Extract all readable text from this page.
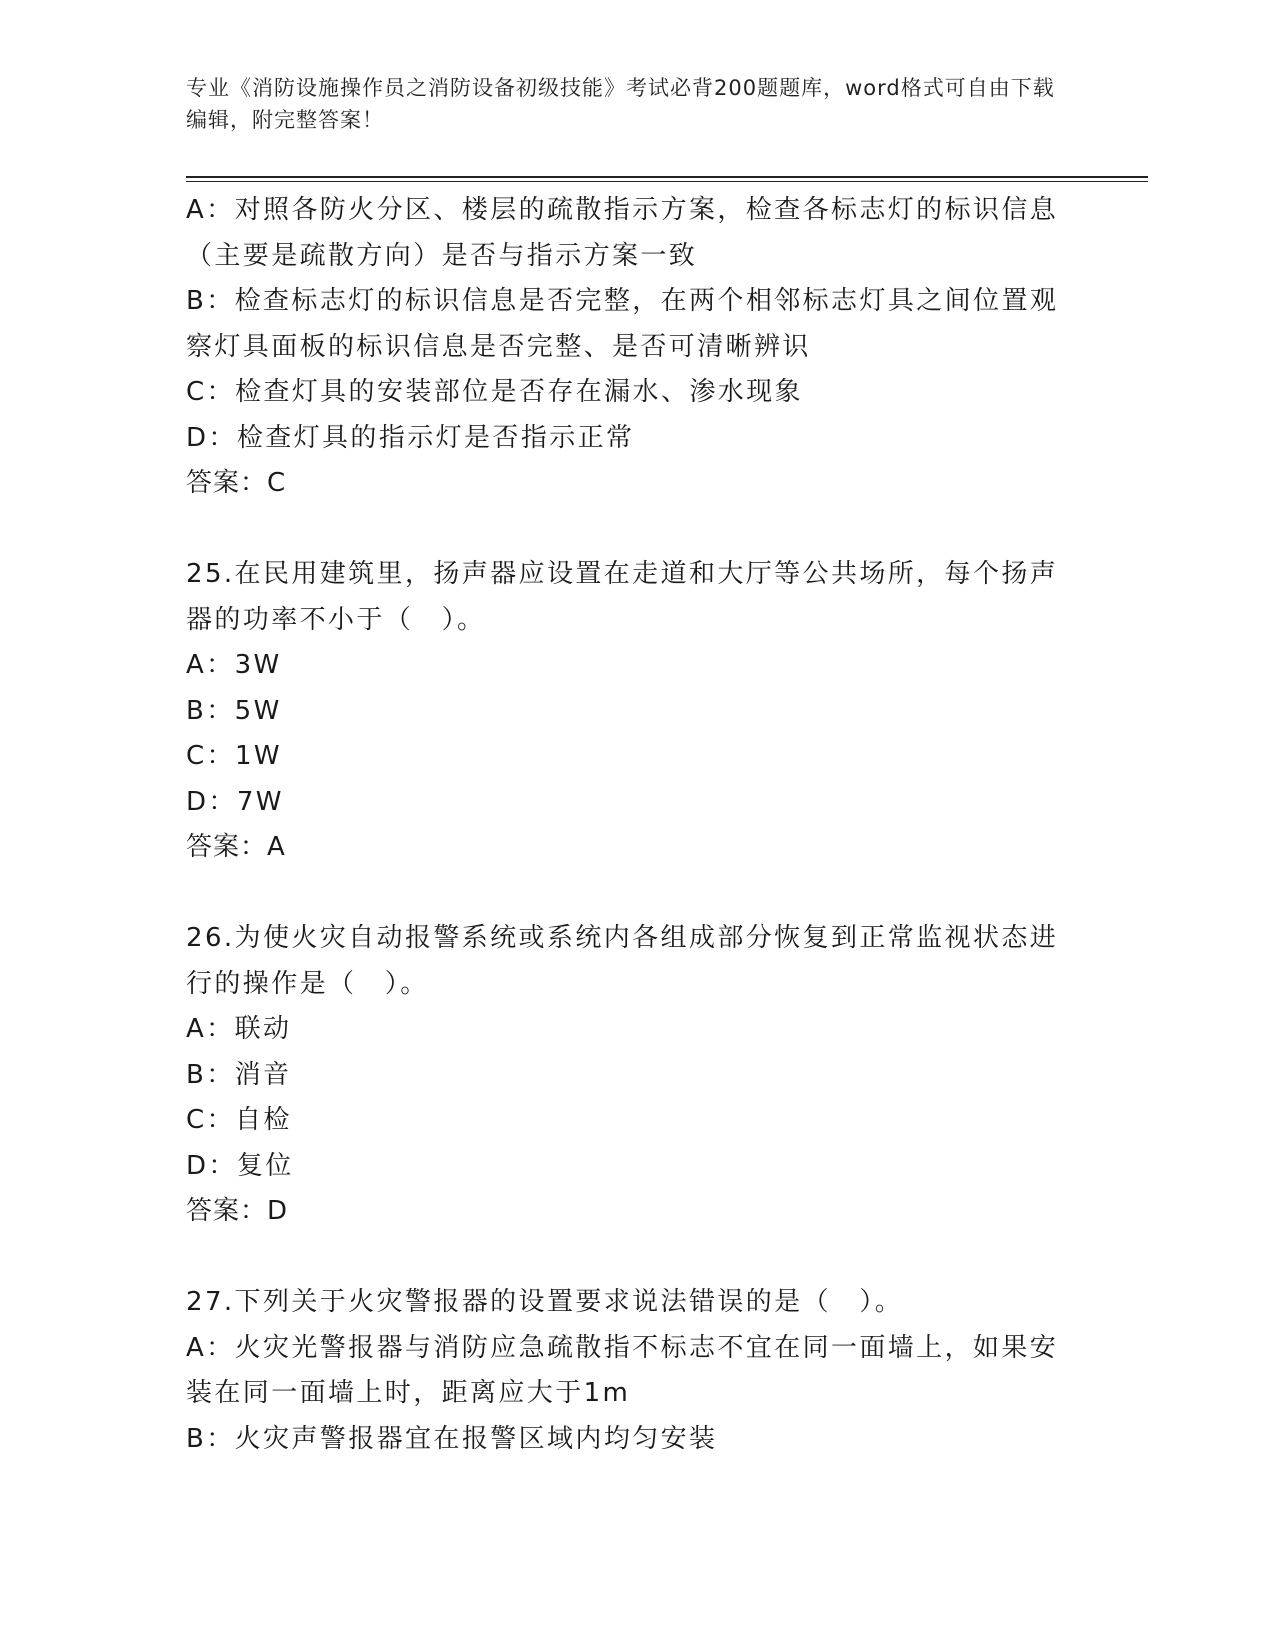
专业《消防设施操作员之消防设备初级技能》考试必背200题题库，word格式可自由下载编辑，附完整答案！
A：对照各防火分区、楼层的疏散指示方案，检查各标志灯的标识信息（主要是疏散方向）是否与指示方案一致
B：检查标志灯的标识信息是否完整，在两个相邻标志灯具之间位置观察灯具面板的标识信息是否完整、是否可清晰辨识
C：检查灯具的安装部位是否存在漏水、渗水现象
D：检查灯具的指示灯是否指示正常
答案：C
25.在民用建筑里，扬声器应设置在走道和大厅等公共场所，每个扬声器的功率不小于（　）。
A：3W
B：5W
C：1W
D：7W
答案：A
26.为使火灾自动报警系统或系统内各组成部分恢复到正常监视状态进行的操作是（　）。
A：联动
B：消音
C：自检
D：复位
答案：D
27.下列关于火灾警报器的设置要求说法错误的是（　）。
A：火灾光警报器与消防应急疏散指不标志不宜在同一面墙上，如果安装在同一面墙上时，距离应大于1m
B：火灾声警报器宜在报警区域内均匀安装
